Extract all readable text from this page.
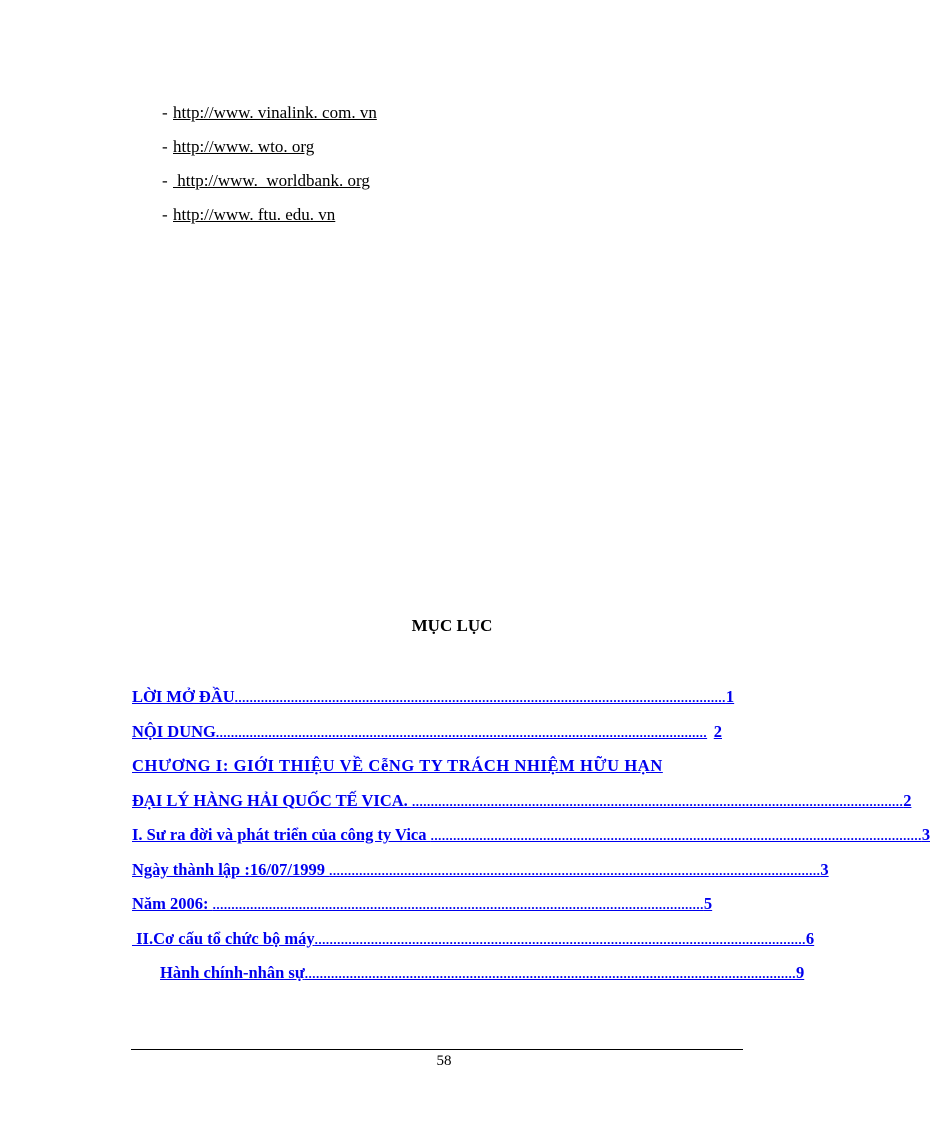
- http://www. vinalink. com. vn
- http://www. wto. org
- http://www.  worldbank. org
- http://www. ftu. edu. vn
MỤC LỤC
LỜI MỞ ĐẦU ................................................................................................................................... 1
NỘI DUNG ................................................................................................................................... 2
CHƯƠNG I: GIỚI THIỆU VỀ CễNG TY TRÁCH NHIỆM HỮU HẠN
ĐẠI LÝ HÀNG HẢI QUỐC TẾ VICA. ................................................................................................................................... 2
I. Sư ra đời và phát triển của công ty Vica ................................................................................................................................... 3
Ngày thành lập :16/07/1999 ................................................................................................................................... 3
Năm 2006: ................................................................................................................................... 5
II.Cơ cấu tổ chức bộ máy ................................................................................................................................... 6
Hành chính-nhân sự ................................................................................................................................... 9
58
